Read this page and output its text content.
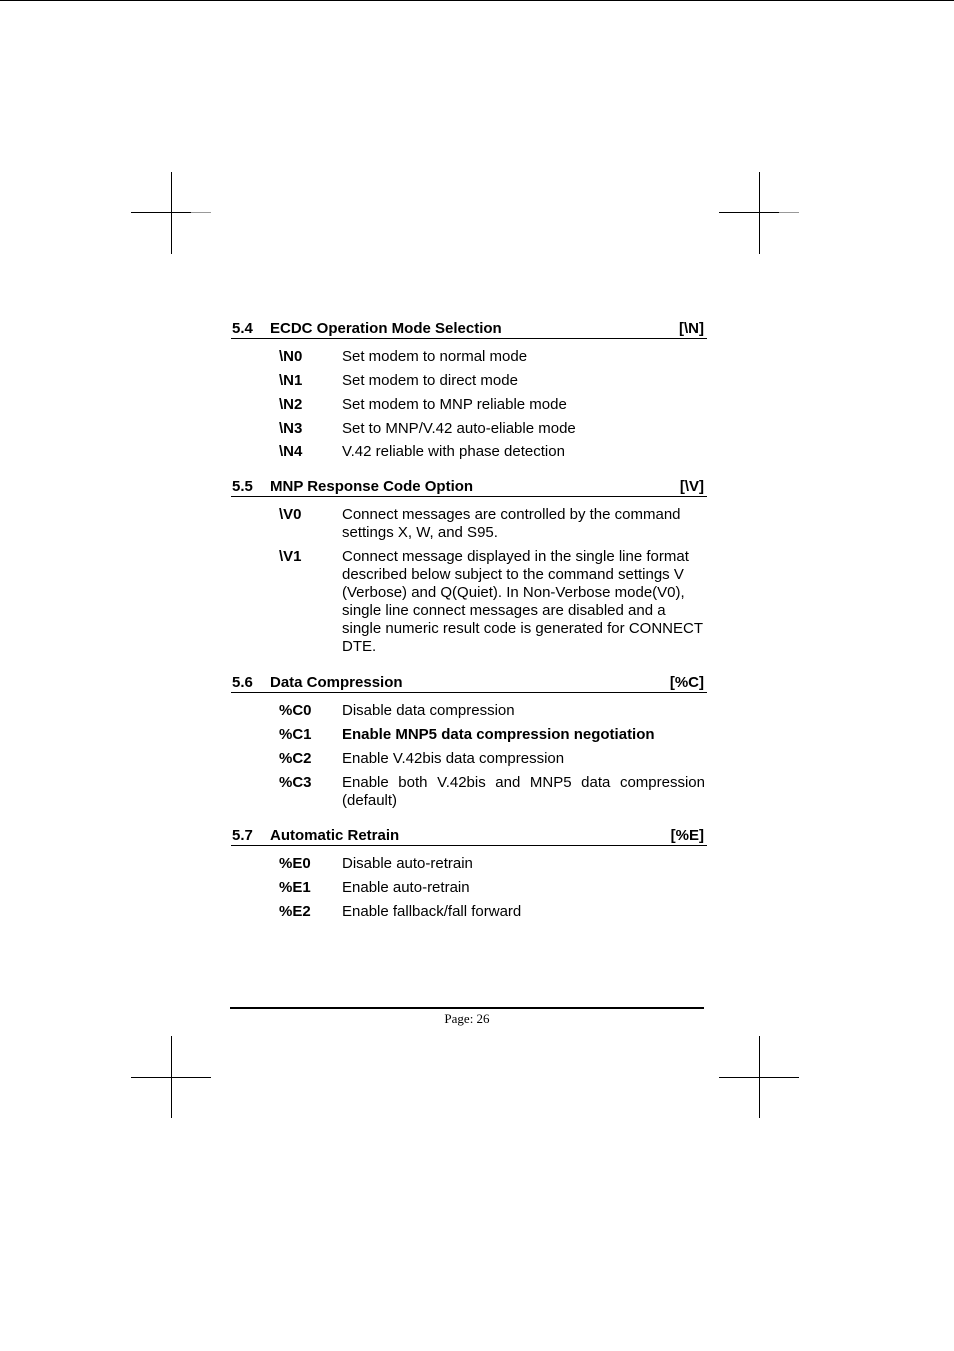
5.4 ECDC Operation Mode Selection	[\N]
\N0	Set modem to normal mode
\N1	Set modem to direct mode
\N2	Set modem to MNP reliable mode
\N3	Set to MNP/V.42 auto-eliable mode
\N4	V.42 reliable with phase detection
5.5 MNP Response Code Option	[\V]
\V0	Connect messages are controlled by the command settings X, W, and S95.
\V1	Connect message displayed in the single line format described below subject to the command settings V (Verbose) and Q(Quiet). In Non-Verbose mode(V0), single line connect messages are disabled and a single numeric result code is generated for CONNECT DTE.
5.6 Data Compression	[%C]
%C0 Disable data compression
%C1 Enable MNP5 data compression negotiation
%C2 Enable V.42bis data compression
%C3 Enable both V.42bis and MNP5 data compression (default)
5.7 Automatic Retrain	[%E]
%E0 Disable auto-retrain
%E1 Enable auto-retrain
%E2 Enable fallback/fall forward
Page: 26
